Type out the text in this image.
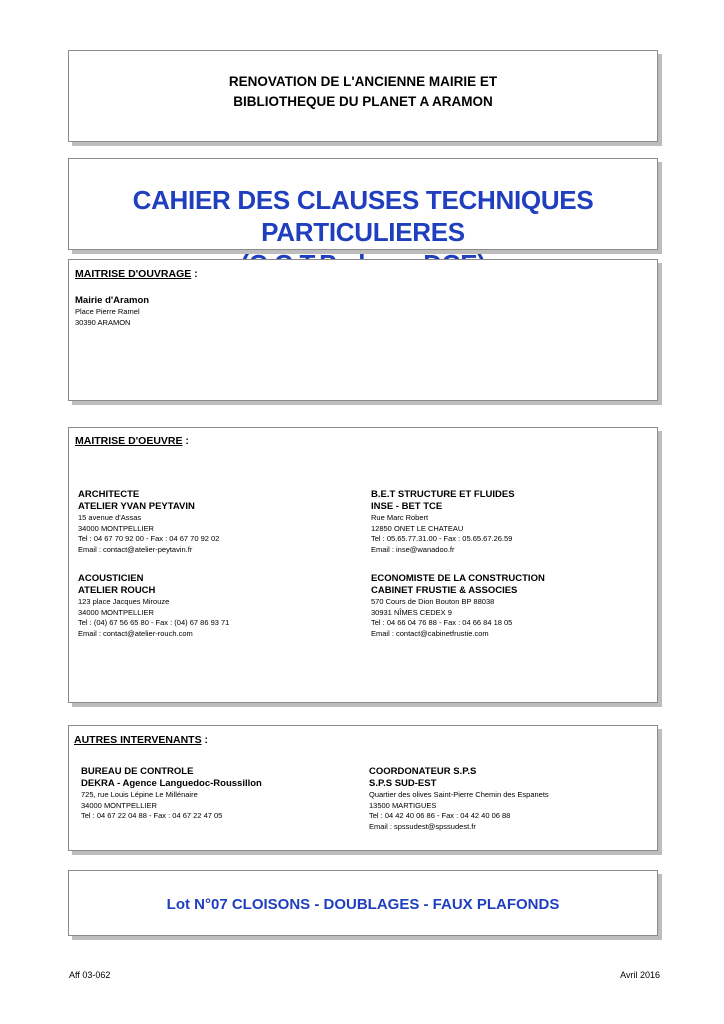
RENOVATION DE L'ANCIENNE MAIRIE ET
BIBLIOTHEQUE DU PLANET A ARAMON
CAHIER DES CLAUSES TECHNIQUES PARTICULIERES
MAITRISE D'OUVRAGE :
Mairie d'Aramon
Place Pierre Ramel
30390 ARAMON
MAITRISE D'OEUVRE :
ARCHITECTE
ATELIER YVAN PEYTAVIN
15 avenue d'Assas
34000 MONTPELLIER
Tel : 04 67 70 92 00 - Fax : 04 67 70 92 02
Email : contact@atelier-peytavin.fr
B.E.T STRUCTURE ET FLUIDES
INSE - BET TCE
Rue Marc Robert
12850 ONET LE CHATEAU
Tel : 05.65.77.31.00 - Fax : 05.65.67.26.59
Email : inse@wanadoo.fr
ACOUSTICIEN
ATELIER ROUCH
123 place Jacques Mirouze
34000 MONTPELLIER
Tel : (04) 67 56 65 80 - Fax : (04) 67 86 93 71
Email : contact@atelier-rouch.com
ECONOMISTE DE LA CONSTRUCTION
CABINET FRUSTIE & ASSOCIES
570 Cours de Dion Bouton BP 88038
30931 NÎMES CEDEX 9
Tel : 04 66 04 76 88 - Fax : 04 66 84 18 05
Email : contact@cabinetfrustie.com
AUTRES INTERVENANTS :
BUREAU DE CONTROLE
DEKRA - Agence Languedoc-Roussillon
725, rue Louis Lépine Le Millénaire
34000 MONTPELLIER
Tel : 04 67 22 04 88 - Fax : 04 67 22 47 05
COORDONATEUR S.P.S
S.P.S SUD-EST
Quartier des olives Saint-Pierre Chemin des Espanets
13500 MARTIGUES
Tel : 04 42 40 06 86 - Fax : 04 42 40 06 88
Email : spssudest@spssudest.fr
Lot N°07 CLOISONS - DOUBLAGES - FAUX PLAFONDS
Aff 03-062	Avril 2016
